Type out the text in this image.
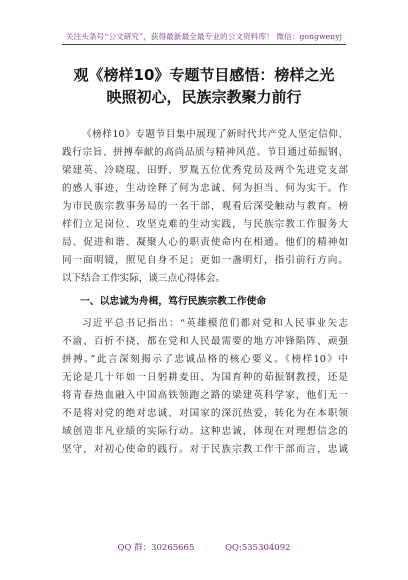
关注头条号“公文研究”，获得最新最全最专业的公文资料库！ 微信：gongwenyj
观《榜样10》专题节目感悟：榜样之光
映照初心，民族宗教聚力前行
《榜样10》专题节目集中展现了新时代共产党人坚定信仰、
践行宗旨、拼搏奉献的高尚品质与精神风范。节目通过茹振钢、
梁建英、冷晓琨、田野、罗胤五位优秀党员及两个先进党支部
的感人事迹，生动诠释了何为忠诚、何为担当、何为实干。作
为市民族宗教事务局的一名干部，观看后深受触动与教育。榜
样们立足岗位、攻坚克难的生动实践，与民族宗教工作服务大
局、促进和谐、凝聚人心的职责使命内在相通。他们的精神如
同一面明镜，照见自身不足；更如一盏明灯，指引前行方向。
以下结合工作实际，谈三点心得体会。
一、以忠诚为舟楫，笃行民族宗教工作使命
习近平总书记指出：“英雄模范们都对党和人民事业矢志
不渝、百折不挠，都在党和人民最需要的地方冲锋陷阵、顽强
拼搏。”此言深刻揭示了忠诚品格的核心要义。《榜样10》中
无论是几十年如一日躬耕麦田、为国育种的茹振钢教授，还是
将青春热血融入中国高铁领跑之路的梁建英科学家，他们无一
不是将对党的绝对忠诚、对国家的深沉热爱，转化为在本职领
域创造非凡业绩的实际行动。这种忠诚，体现在对理想信念的
坚守，对初心使命的践行。对于民族宗教工作干部而言，忠诚
QQ 群：30265665	QQ:535304092
